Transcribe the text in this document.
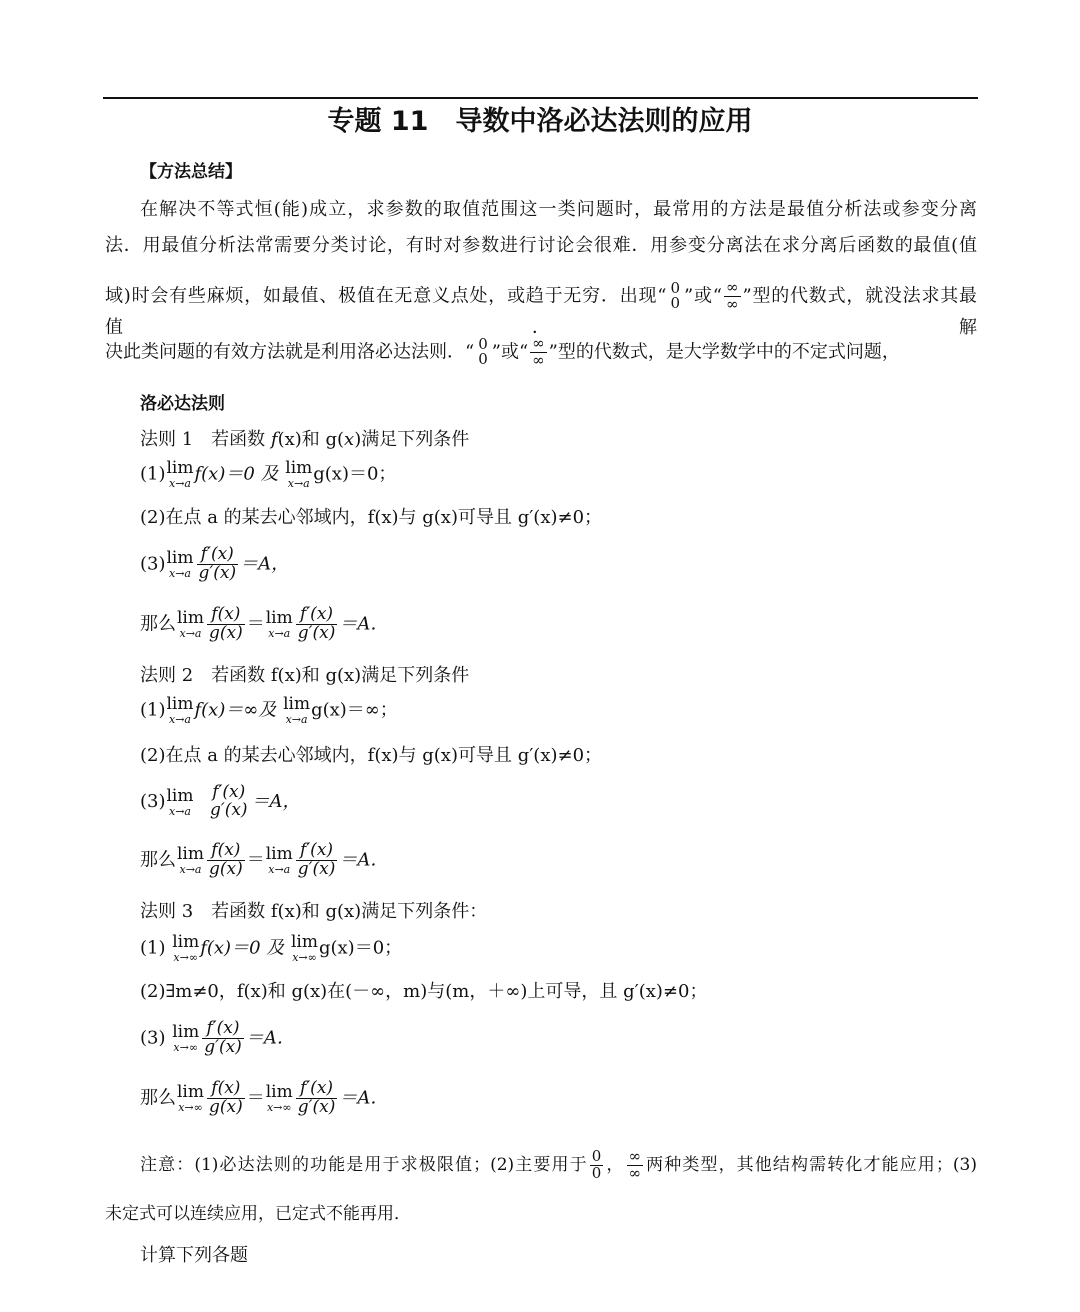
专题 11　导数中洛必达法则的应用
【方法总结】
在解决不等式恒(能)成立，求参数的取值范围这一类问题时，最常用的方法是最值分析法或参变分离
法．用最值分析法常需要分类讨论，有时对参数进行讨论会很难．用参变分离法在求分离后函数的最值(值
域)时会有些麻烦，如最值、极值在无意义点处，或趋于无穷．出现“ 0
0 ”或“ $\frac{\infty}{\infty}$ ”型的代数式，就没法求其最值．解
决此类问题的有效方法就是利用洛必达法则．“ 0
0 ”或“ $\frac{\infty}{\infty}$ ”型的代数式，是大学数学中的不定式问题，
洛必达法则
法则 1　若函数 f(x)和 g(x)满足下列条件
(1) lim
x→a f(x)＝0 及 lim
x→a g(x)＝0；
(2)在点 a 的某去心邻域内，f(x)与 g(x)可导且 g′(x)≠0；
(3) lim
$x\to a \frac{f'(x)}{g'(x)} =A$，
那么 lim
$x\to a \frac{f(x)}{g(x)} = \lim$
$x\to a \frac{f'(x)}{g'(x)} =A$．
法则 2　若函数 f(x)和 g(x)满足下列条件
(1) lim
x→a f(x)＝∞及 lim
x→a g(x)＝∞；
(2)在点 a 的某去心邻域内，f(x)与 g(x)可导且 g′(x)≠0；
(3) lim
x→a

f′(x)
g′(x) ＝A，
那么 lim
$x\to a \frac{f(x)}{g(x)} = \lim$
$x\to a \frac{f'(x)}{g'(x)} =A$．
法则 3　若函数 f(x)和 g(x)满足下列条件：
(1) lim
x→∞ f(x)＝0 及 lim
x→∞ g(x)＝0；
(2)∃m≠0，f(x)和 g(x)在(－∞，m)与(m，＋∞)上可导，且 g′(x)≠0；
(3) lim
$x\to\infty \frac{f'(x)}{g'(x)} =A$．
那么 lim
$x\to\infty \frac{f(x)}{g(x)} = \lim$
$x\to\infty \frac{f'(x)}{g'(x)} =A$．
注意：(1)必达法则的功能是用于求极限值；(2)主要用于 $\frac{0}{0}$ ， $\frac{\infty}{\infty}$ 两种类型，其他结构需转化才能应用；(3)
未定式可以连续应用，已定式不能再用．
计算下列各题
